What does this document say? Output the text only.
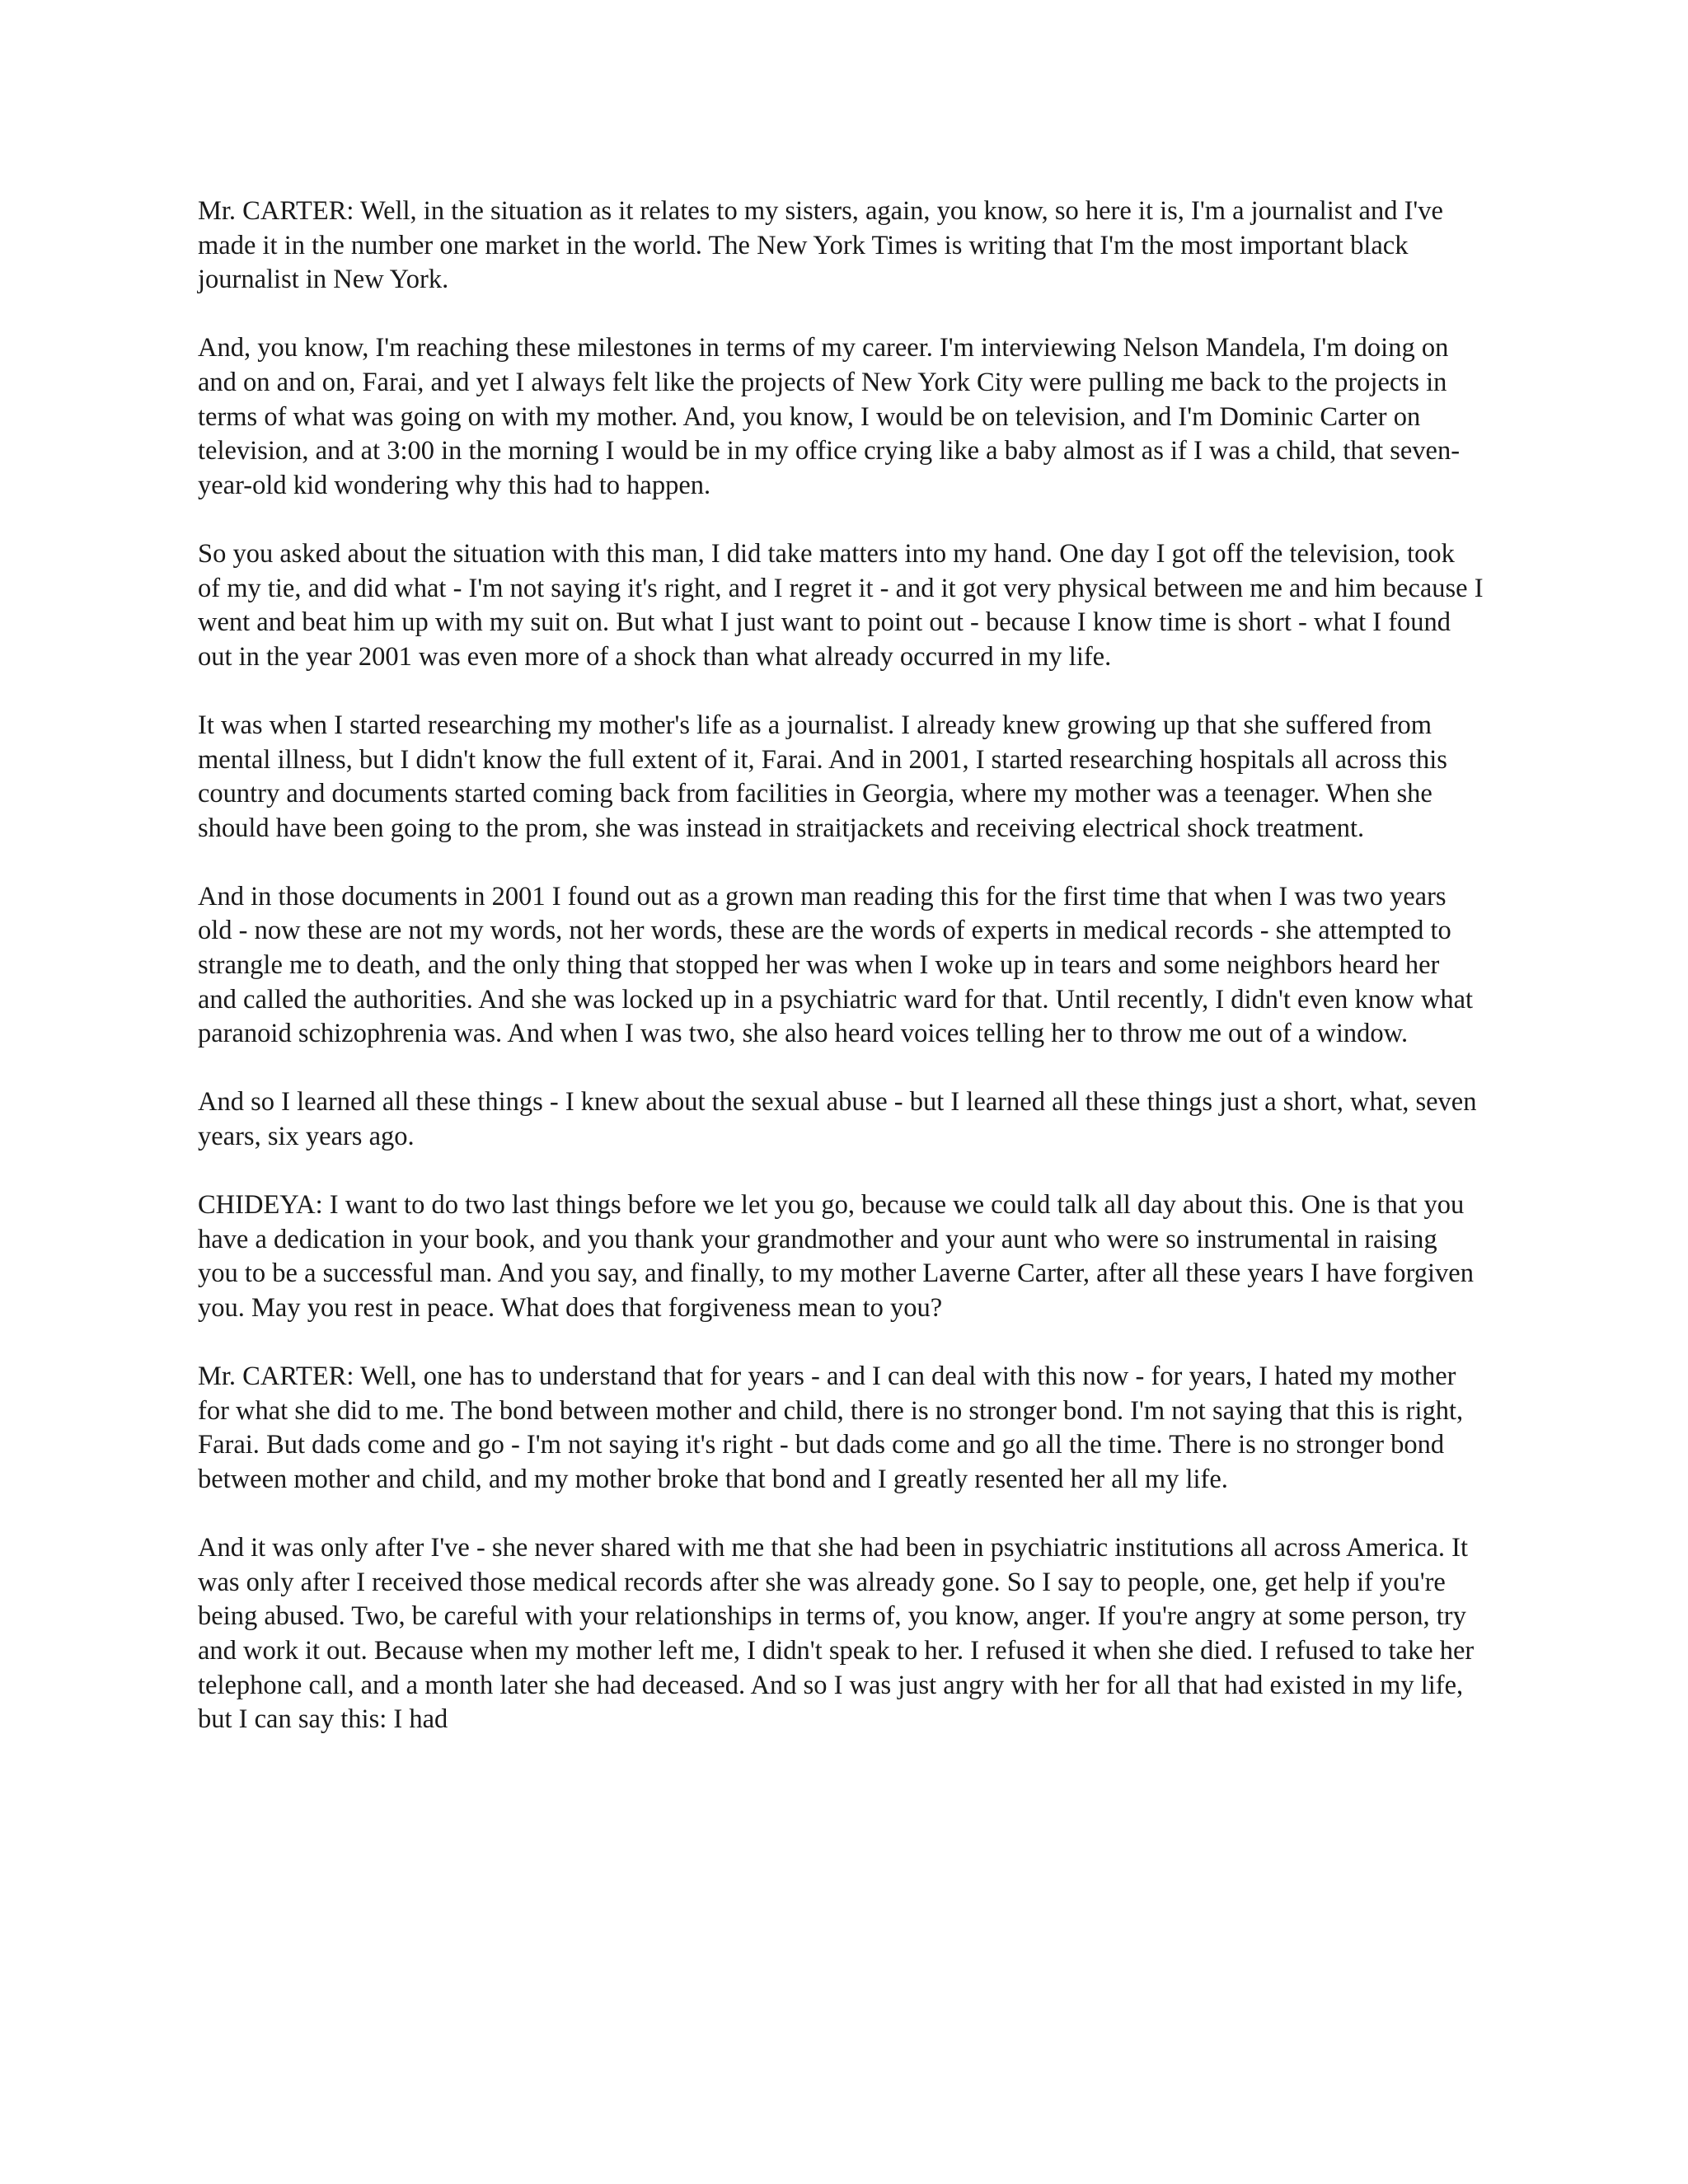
Mr. CARTER: Well, in the situation as it relates to my sisters, again, you know, so here it is, I'm a journalist and I've made it in the number one market in the world. The New York Times is writing that I'm the most important black journalist in New York.

And, you know, I'm reaching these milestones in terms of my career. I'm interviewing Nelson Mandela, I'm doing on and on and on, Farai, and yet I always felt like the projects of New York City were pulling me back to the projects in terms of what was going on with my mother. And, you know, I would be on television, and I'm Dominic Carter on television, and at 3:00 in the morning I would be in my office crying like a baby almost as if I was a child, that seven-year-old kid wondering why this had to happen.

So you asked about the situation with this man, I did take matters into my hand. One day I got off the television, took of my tie, and did what - I'm not saying it's right, and I regret it - and it got very physical between me and him because I went and beat him up with my suit on. But what I just want to point out - because I know time is short - what I found out in the year 2001 was even more of a shock than what already occurred in my life.

It was when I started researching my mother's life as a journalist. I already knew growing up that she suffered from mental illness, but I didn't know the full extent of it, Farai. And in 2001, I started researching hospitals all across this country and documents started coming back from facilities in Georgia, where my mother was a teenager. When she should have been going to the prom, she was instead in straitjackets and receiving electrical shock treatment.

And in those documents in 2001 I found out as a grown man reading this for the first time that when I was two years old - now these are not my words, not her words, these are the words of experts in medical records - she attempted to strangle me to death, and the only thing that stopped her was when I woke up in tears and some neighbors heard her and called the authorities. And she was locked up in a psychiatric ward for that. Until recently, I didn't even know what paranoid schizophrenia was. And when I was two, she also heard voices telling her to throw me out of a window.

And so I learned all these things - I knew about the sexual abuse - but I learned all these things just a short, what, seven years, six years ago.

CHIDEYA: I want to do two last things before we let you go, because we could talk all day about this. One is that you have a dedication in your book, and you thank your grandmother and your aunt who were so instrumental in raising you to be a successful man. And you say, and finally, to my mother Laverne Carter, after all these years I have forgiven you. May you rest in peace. What does that forgiveness mean to you?

Mr. CARTER: Well, one has to understand that for years - and I can deal with this now - for years, I hated my mother for what she did to me. The bond between mother and child, there is no stronger bond. I'm not saying that this is right, Farai. But dads come and go - I'm not saying it's right - but dads come and go all the time. There is no stronger bond between mother and child, and my mother broke that bond and I greatly resented her all my life.

And it was only after I've - she never shared with me that she had been in psychiatric institutions all across America. It was only after I received those medical records after she was already gone. So I say to people, one, get help if you're being abused. Two, be careful with your relationships in terms of, you know, anger. If you're angry at some person, try and work it out. Because when my mother left me, I didn't speak to her. I refused it when she died. I refused to take her telephone call, and a month later she had deceased. And so I was just angry with her for all that had existed in my life, but I can say this: I had
